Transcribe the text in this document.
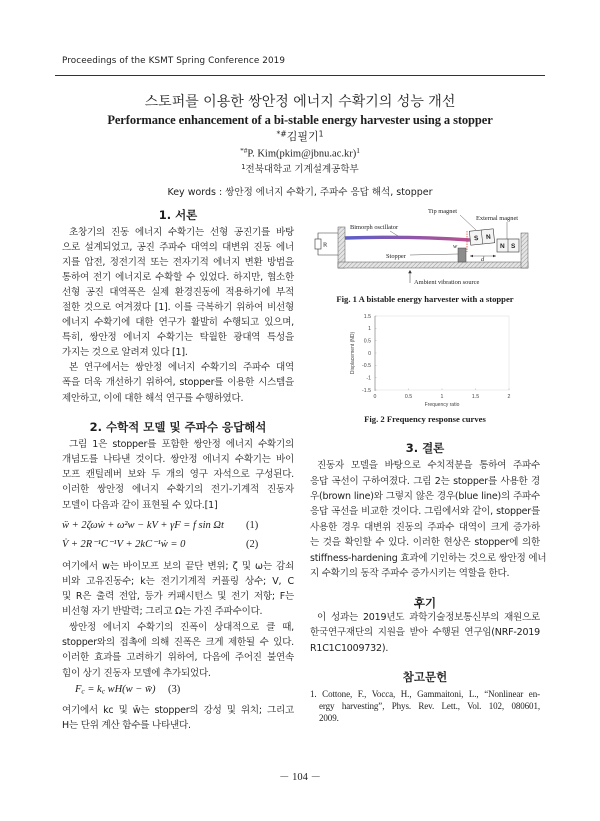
Proceedings of the KSMT Spring Conference 2019
스토퍼를 이용한 쌍안정 에너지 수확기의 성능 개선
Performance enhancement of a bi-stable energy harvester using a stopper
*#김필기$^1$
*#P. Kim(pkim@jbnu.ac.kr)$^1$
$^1$전북대학교 기계설계공학부
Key words : 쌍안정 에너지 수확기, 주파수 응답 해석, stopper
1. 서론
초창기의 진동 에너지 수확기는 선형 공진기를 바탕
으로 설계되었고, 공진 주파수 대역의 대변위 진동 에너
지를 압전, 정전기적 또는 전자기적 에너지 변환 방법을
통하여 전기 에너지로 수확할 수 있었다. 하지만, 협소한
선형 공진 대역폭은 실제 환경진동에 적용하기에 부적
절한 것으로 여겨졌다 [1]. 이를 극복하기 위하여 비선형
에너지 수확기에 대한 연구가 활발히 수행되고 있으며,
특히, 쌍안정 에너지 수확기는 탁월한 광대역 특성을
가지는 것으로 알려져 있다 [1].
본 연구에서는 쌍안정 에너지 수확기의 주파수 대역
폭을 더욱 개선하기 위하여, stopper를 이용한 시스템을
제안하고, 이에 대한 해석 연구를 수행하였다.
2. 수학적 모델 및 주파수 응답해석
그림 1은 stopper를 포함한 쌍안정 에너지 수확기의
개념도를 나타낸 것이다. 쌍안정 에너지 수확기는 바이
모프 캔틸레버 보와 두 개의 영구 자석으로 구성된다.
이러한 쌍안정 에너지 수확기의 전기-기계적 진동자
모델이 다음과 같이 표현될 수 있다.[1]
ẅ + 2ζωẇ + ω²w − kV + γF = f sin Ωt (1)
V̇ + 2R⁻¹C⁻¹V + 2kC⁻¹ẇ = 0	(2)
여기에서 w는 바이모프 보의 끝단 변위; ζ 및 ω는 감쇠
비와 고유진동수; k는 전기기계적 커플링 상수; V, C
및 R은 출력 전압, 등가 커패시턴스 및 전기 저항; F는
비선형 자기 반발력; 그리고 Ω는 가진 주파수이다.
쌍안정 에너지 수확기의 진폭이 상대적으로 클 때,
stopper와의 접촉에 의해 진폭은 크게 제한될 수 있다.
이러한 효과를 고려하기 위하여, 다음에 주어진 불연속
힘이 상기 진동자 모델에 추가되었다.
$F_c = k_c$ wH(w − w̄) (3)
여기에서 kc 및 w̄는 stopper의 강성 및 위치; 그리고
H는 단위 계산 함수를 나타낸다.
R
Bimorph oscillator
w
S N
Tip magnet
N S
External magnet
Stopper	d
Ambient vibration source
Fig. 1 A bistable energy harvester with a stopper
Displacement (ND)
Frequency ratio
0	0.5	1	1.5	2
1.5
1
0.5
0
-0.5
-1
-1.5
Fig. 2 Frequency response curves
3. 결론
진동자 모델을 바탕으로 수치적분을 통하여 주파수
응답 곡선이 구하여졌다. 그림 2는 stopper를 사용한 경
우(brown line)와 그렇지 않은 경우(blue line)의 주파수
응답 곡선을 비교한 것이다. 그림에서와 같이, stopper를
사용한 경우 대변위 진동의 주파수 대역이 크게 증가하
는 것을 확인할 수 있다. 이러한 현상은 stopper에 의한
stiffness-hardening 효과에 기인하는 것으로 쌍안정 에너
지 수확기의 동작 주파수 증가시키는 역할을 한다.
후기
이 성과는 2019년도 과학기술정보통신부의 재원으로
한국연구재단의 지원을 받아 수행된 연구임(NRF-2019
R1C1C1009732).
참고문헌
1. Cottone, F., Vocca, H., Gammaitoni, L., “Nonlinear en-
ergy harvesting”, Phys. Rev. Lett., Vol. 102, 080601,
2009.
－ 104 －
